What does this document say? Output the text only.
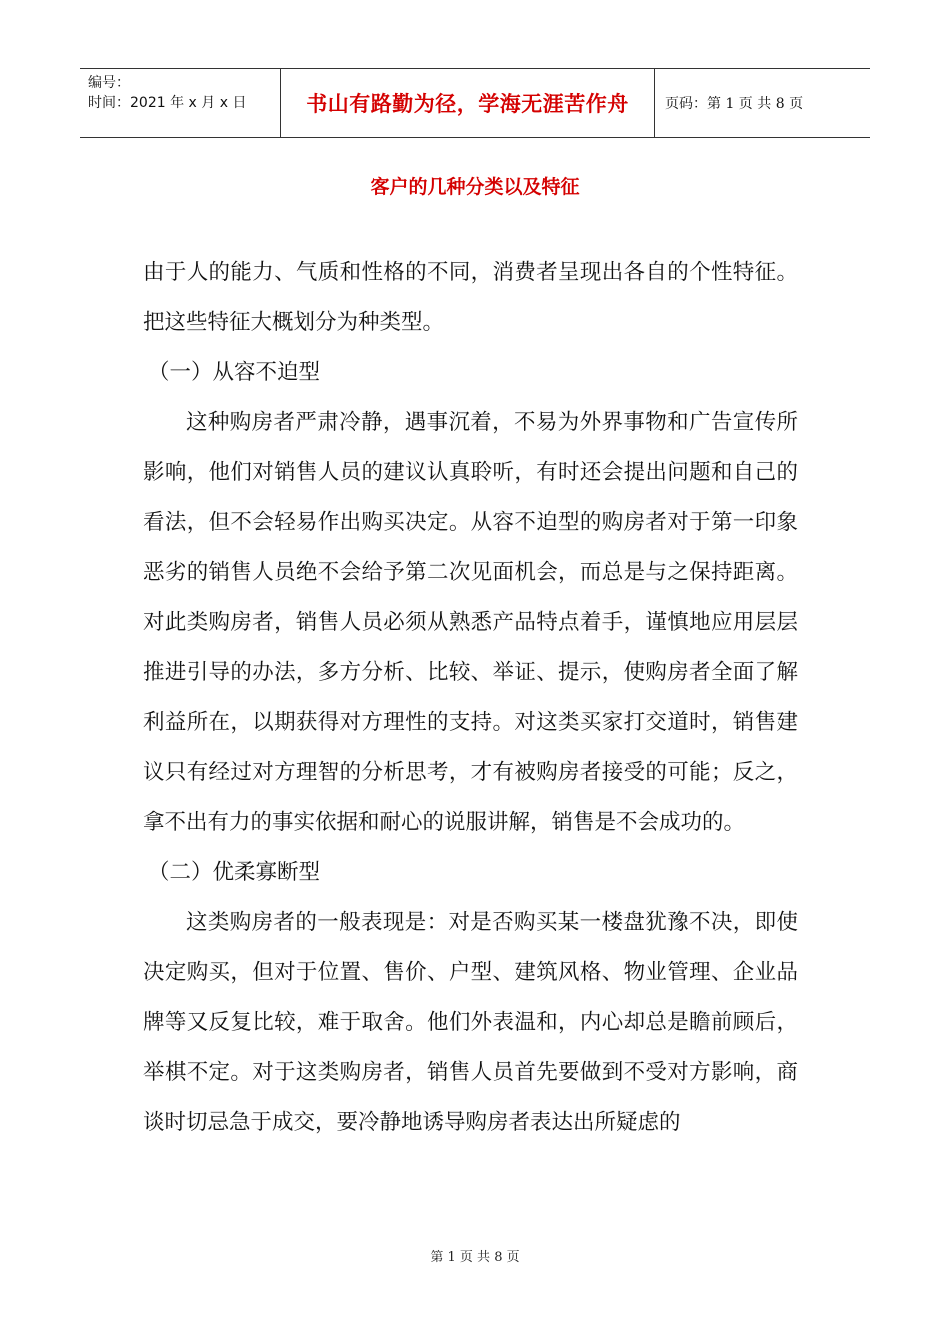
编号：
时间：2021 年 x 月 x 日	书山有路勤为径，学海无涯苦作舟	页码：第 1 页 共 8 页
客户的几种分类以及特征

由于人的能力、气质和性格的不同，消费者呈现出各自的个性特征。把这些特征大概划分为种类型。

（一）从容不迫型

这种购房者严肃冷静，遇事沉着，不易为外界事物和广告宣传所影响，他们对销售人员的建议认真聆听，有时还会提出问题和自己的看法，但不会轻易作出购买决定。从容不迫型的购房者对于第一印象恶劣的销售人员绝不会给予第二次见面机会，而总是与之保持距离。对此类购房者，销售人员必须从熟悉产品特点着手，谨慎地应用层层推进引导的办法，多方分析、比较、举证、提示，使购房者全面了解利益所在，以期获得对方理性的支持。对这类买家打交道时，销售建议只有经过对方理智的分析思考，才有被购房者接受的可能；反之，拿不出有力的事实依据和耐心的说服讲解，销售是不会成功的。

（二）优柔寡断型

这类购房者的一般表现是：对是否购买某一楼盘犹豫不决，即使决定购买，但对于位置、售价、户型、建筑风格、物业管理、企业品牌等又反复比较，难于取舍。他们外表温和，内心却总是瞻前顾后，举棋不定。对于这类购房者，销售人员首先要做到不受对方影响，商谈时切忌急于成交，要冷静地诱导购房者表达出所疑虑的

第 1 页 共 8 页
